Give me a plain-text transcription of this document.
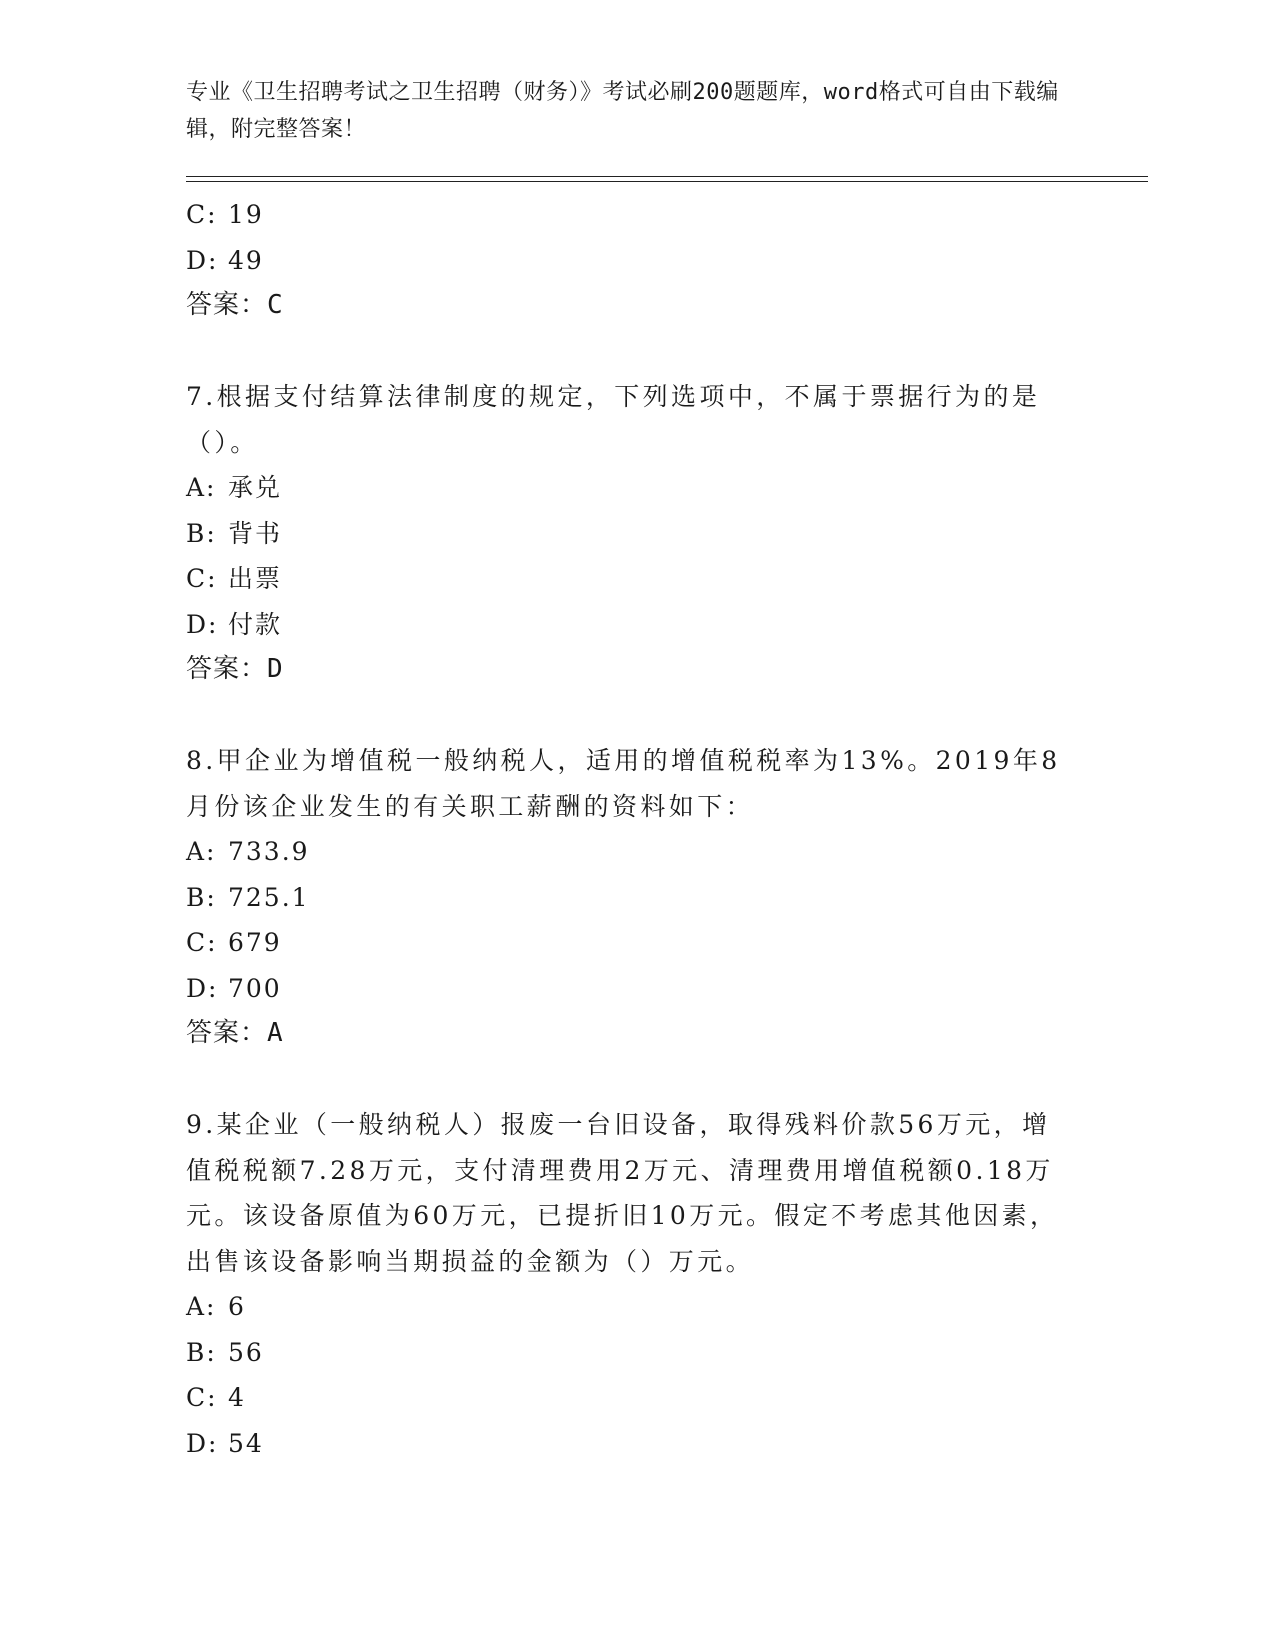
专业《卫生招聘考试之卫生招聘（财务）》考试必刷200题题库，word格式可自由下载编辑，附完整答案！
C: 19
D: 49
答案：C
7.根据支付结算法律制度的规定，下列选项中，不属于票据行为的是（）。
A: 承兑
B: 背书
C: 出票
D: 付款
答案：D
8.甲企业为增值税一般纳税人，适用的增值税税率为13%。2019年8月份该企业发生的有关职工薪酬的资料如下：
A: 733.9
B: 725.1
C: 679
D: 700
答案：A
9.某企业（一般纳税人）报废一台旧设备，取得残料价款56万元，增值税税额7.28万元，支付清理费用2万元、清理费用增值税额0.18万元。该设备原值为60万元，已提折旧10万元。假定不考虑其他因素，出售该设备影响当期损益的金额为（）万元。
A: 6
B: 56
C: 4
D: 54
